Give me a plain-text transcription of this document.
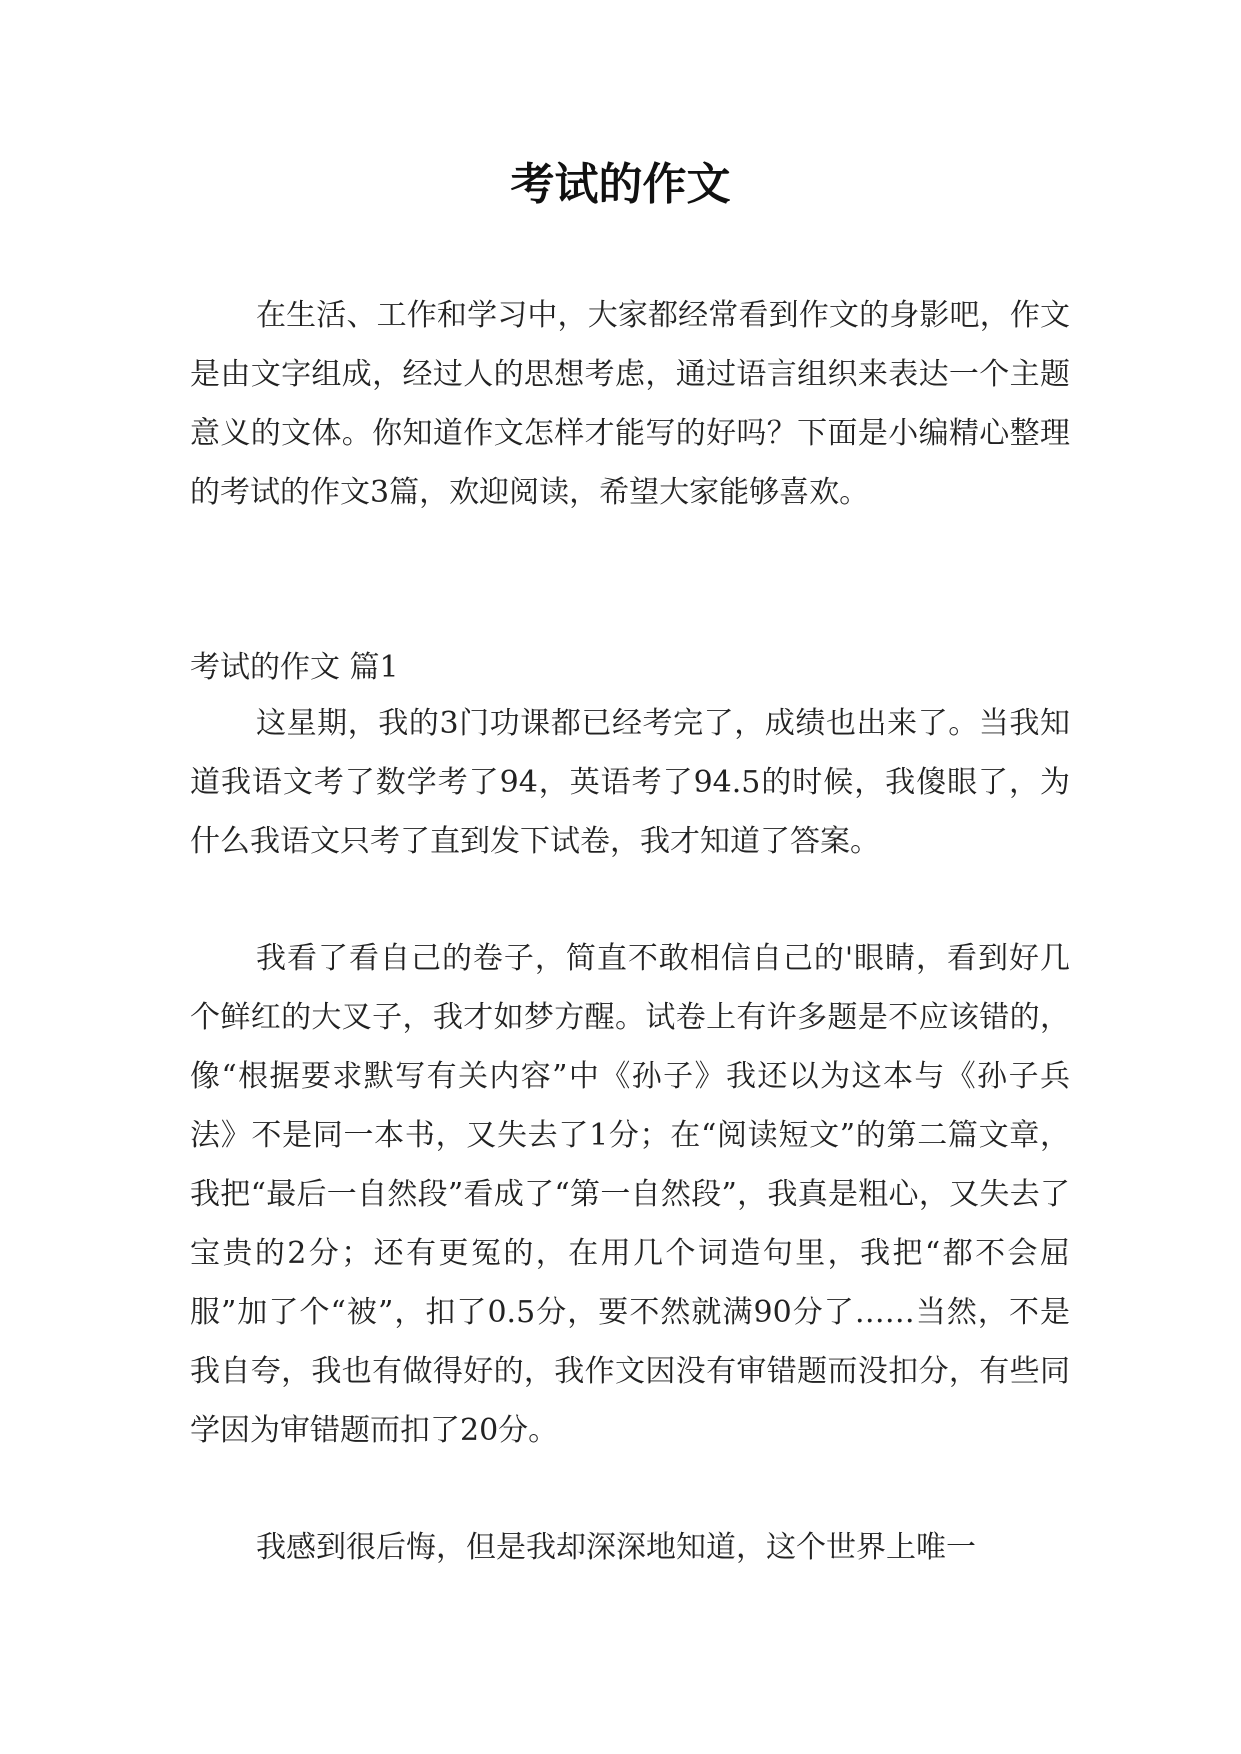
考试的作文

在生活、工作和学习中，大家都经常看到作文的身影吧，作文是由文字组成，经过人的思想考虑，通过语言组织来表达一个主题意义的文体。你知道作文怎样才能写的好吗？下面是小编精心整理的考试的作文3篇，欢迎阅读，希望大家能够喜欢。

考试的作文 篇1

这星期，我的3门功课都已经考完了，成绩也出来了。当我知道我语文考了数学考了94，英语考了94.5的时候，我傻眼了，为什么我语文只考了直到发下试卷，我才知道了答案。

我看了看自己的卷子，简直不敢相信自己的'眼睛，看到好几个鲜红的大叉子，我才如梦方醒。试卷上有许多题是不应该错的，像“根据要求默写有关内容”中《孙子》我还以为这本与《孙子兵法》不是同一本书，又失去了1分；在“阅读短文”的第二篇文章，我把“最后一自然段”看成了“第一自然段”，我真是粗心，又失去了宝贵的2分；还有更冤的，在用几个词造句里，我把“都不会屈服”加了个“被”，扣了0.5分，要不然就满90分了……当然，不是我自夸，我也有做得好的，我作文因没有审错题而没扣分，有些同学因为审错题而扣了20分。

我感到很后悔，但是我却深深地知道，这个世界上唯一
